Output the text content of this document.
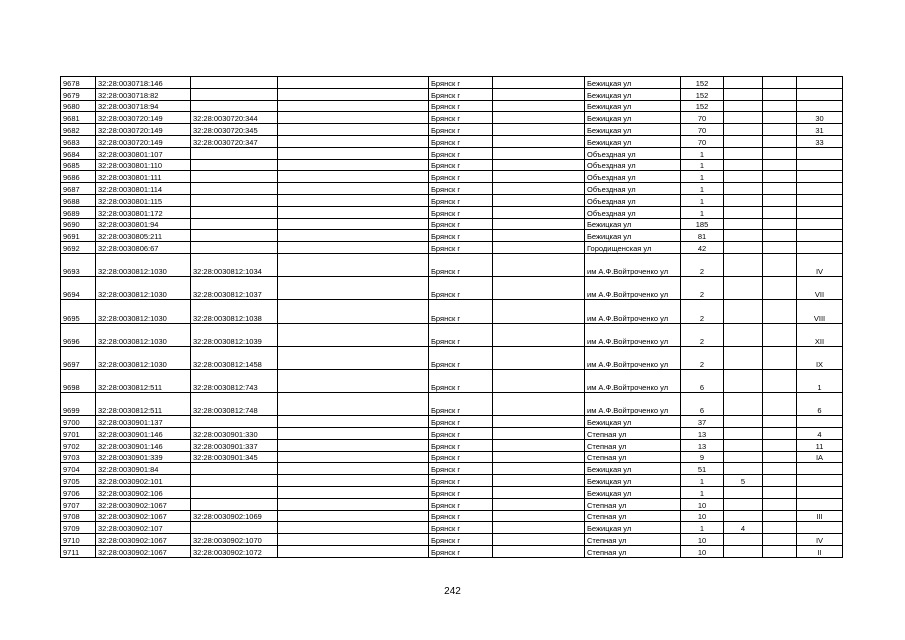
9678	32:28:0030718:146			Брянск г		Бежицкая ул	152			
9679	32:28:0030718:82			Брянск г		Бежицкая ул	152			
9680	32:28:0030718:94			Брянск г		Бежицкая ул	152			
9681	32:28:0030720:149	32:28:0030720:344		Брянск г		Бежицкая ул	70			30
9682	32:28:0030720:149	32:28:0030720:345		Брянск г		Бежицкая ул	70			31
9683	32:28:0030720:149	32:28:0030720:347		Брянск г		Бежицкая ул	70			33
9684	32:28:0030801:107			Брянск г		Объездная ул	1			
9685	32:28:0030801:110			Брянск г		Объездная ул	1			
9686	32:28:0030801:111			Брянск г		Объездная ул	1			
9687	32:28:0030801:114			Брянск г		Объездная ул	1			
9688	32:28:0030801:115			Брянск г		Объездная ул	1			
9689	32:28:0030801:172			Брянск г		Объездная ул	1			
9690	32:28:0030801:94			Брянск г		Бежицкая ул	185			
9691	32:28:0030805:211			Брянск г		Бежицкая ул	81			
9692	32:28:0030806:67			Брянск г		Городищенская ул	42			
9693	32:28:0030812:1030	32:28:0030812:1034		Брянск г		им А.Ф.Войтроченко ул	2			IV
9694	32:28:0030812:1030	32:28:0030812:1037		Брянск г		им А.Ф.Войтроченко ул	2			VII
9695	32:28:0030812:1030	32:28:0030812:1038		Брянск г		им А.Ф.Войтроченко ул	2			VIII
9696	32:28:0030812:1030	32:28:0030812:1039		Брянск г		им А.Ф.Войтроченко ул	2			XII
9697	32:28:0030812:1030	32:28:0030812:1458		Брянск г		им А.Ф.Войтроченко ул	2			IX
9698	32:28:0030812:511	32:28:0030812:743		Брянск г		им А.Ф.Войтроченко ул	6			1
9699	32:28:0030812:511	32:28:0030812:748		Брянск г		им А.Ф.Войтроченко ул	6			6
9700	32:28:0030901:137			Брянск г		Бежицкая ул	37			
9701	32:28:0030901:146	32:28:0030901:330		Брянск г		Степная ул	13			4
9702	32:28:0030901:146	32:28:0030901:337		Брянск г		Степная ул	13			11
9703	32:28:0030901:339	32:28:0030901:345		Брянск г		Степная ул	9			IA
9704	32:28:0030901:84			Брянск г		Бежицкая ул	51			
9705	32:28:0030902:101			Брянск г		Бежицкая ул	1	5		
9706	32:28:0030902:106			Брянск г		Бежицкая ул	1			
9707	32:28:0030902:1067			Брянск г		Степная ул	10			
9708	32:28:0030902:1067	32:28:0030902:1069		Брянск г		Степная ул	10			III
9709	32:28:0030902:107			Брянск г		Бежицкая ул	1	4		
9710	32:28:0030902:1067	32:28:0030902:1070		Брянск г		Степная ул	10			IV
9711	32:28:0030902:1067	32:28:0030902:1072		Брянск г		Степная ул	10			II
242
